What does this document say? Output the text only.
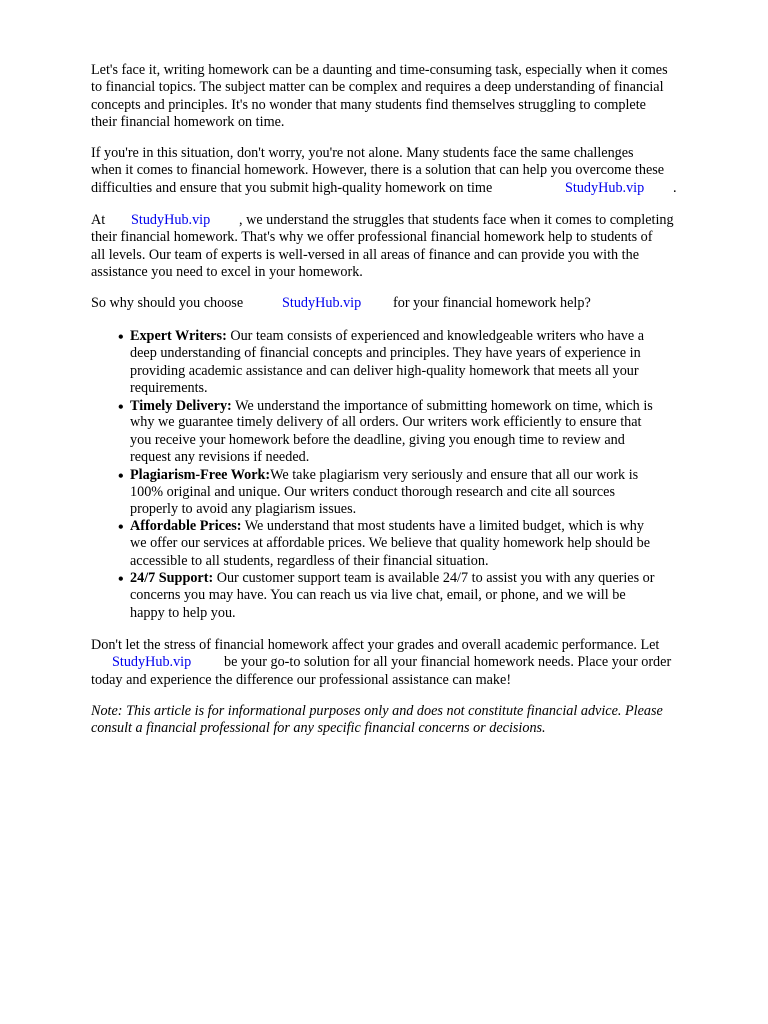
Let's face it, writing homework can be a daunting and time-consuming task, especially when it comes
to financial topics. The subject matter can be complex and requires a deep understanding of financial
concepts and principles. It's no wonder that many students find themselves struggling to complete
their financial homework on time.
If you're in this situation, don't worry, you're not alone. Many students face the same challenges
when it comes to financial homework. However, there is a solution that can help you overcome these
difficulties and ensure that you submit high-quality homework on time	StudyHub.vip .
At StudyHub.vip , we understand the struggles that students face when it comes to completing
their financial homework. That's why we offer professional financial homework help to students of
all levels. Our team of experts is well-versed in all areas of finance and can provide you with the
assistance you need to excel in your homework.
So why should you choose	StudyHub.vip for your financial homework help?
• Expert Writers: Our team consists of experienced and knowledgeable writers who have a
deep understanding of financial concepts and principles. They have years of experience in
providing academic assistance and can deliver high-quality homework that meets all your
requirements.
• Timely Delivery: We understand the importance of submitting homework on time, which is
why we guarantee timely delivery of all orders. Our writers work efficiently to ensure that
you receive your homework before the deadline, giving you enough time to review and
request any revisions if needed.
• Plagiarism-Free Work:We take plagiarism very seriously and ensure that all our work is
100% original and unique. Our writers conduct thorough research and cite all sources
properly to avoid any plagiarism issues.
• Affordable Prices: We understand that most students have a limited budget, which is why
we offer our services at affordable prices. We believe that quality homework help should be
accessible to all students, regardless of their financial situation.
• 24/7 Support: Our customer support team is available 24/7 to assist you with any queries or
concerns you may have. You can reach us via live chat, email, or phone, and we will be
happy to help you.
Don't let the stress of financial homework affect your grades and overall academic performance. Let
StudyHub.vip be your go-to solution for all your financial homework needs. Place your order
today and experience the difference our professional assistance can make!
Note: This article is for informational purposes only and does not constitute financial advice. Please
consult a financial professional for any specific financial concerns or decisions.
